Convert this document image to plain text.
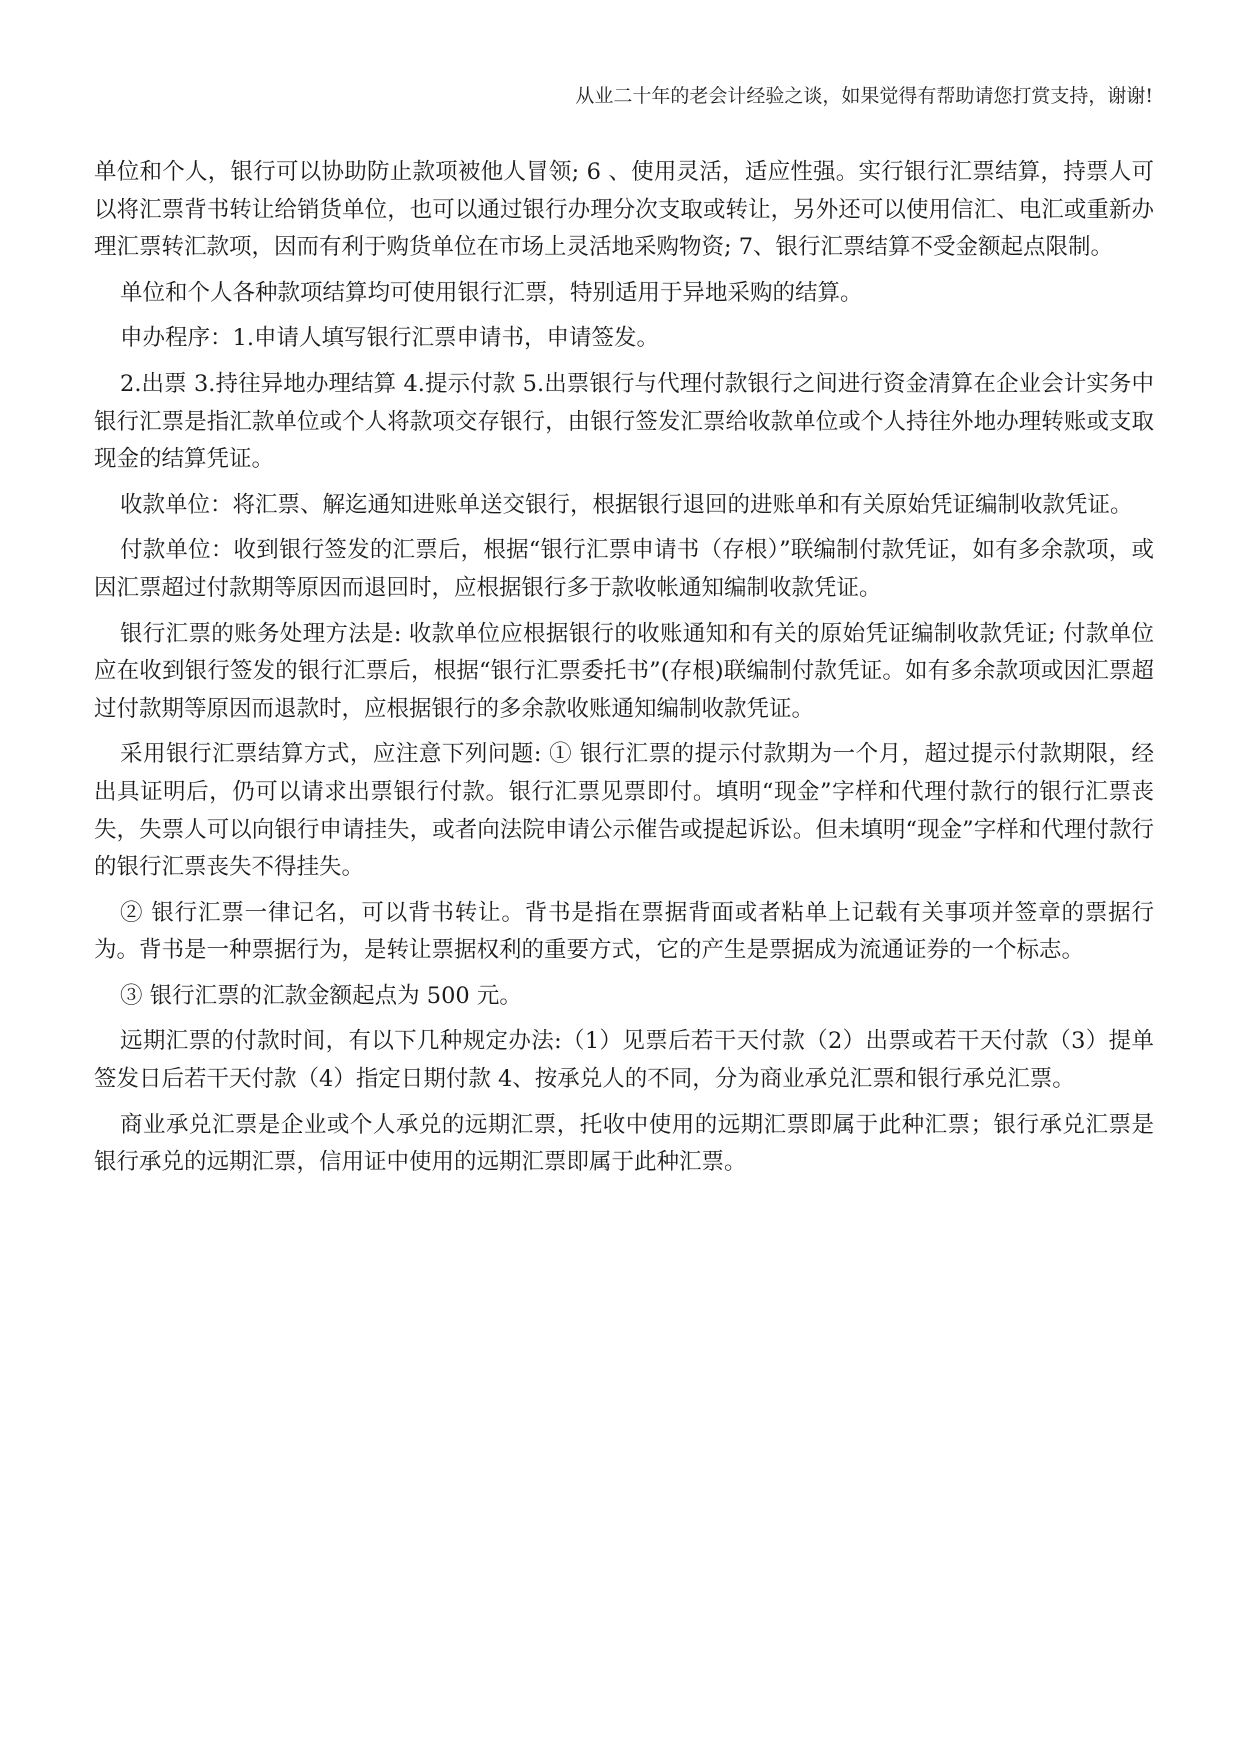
从业二十年的老会计经验之谈，如果觉得有帮助请您打赏支持，谢谢!

单位和个人，银行可以协助防止款项被他人冒领; 6 、使用灵活，适应性强。实行银行汇票结算，持票人可以将汇票背书转让给销货单位，也可以通过银行办理分次支取或转让，另外还可以使用信汇、电汇或重新办理汇票转汇款项，因而有利于购货单位在市场上灵活地采购物资; 7、银行汇票结算不受金额起点限制。

单位和个人各种款项结算均可使用银行汇票，特别适用于异地采购的结算。

申办程序：1.申请人填写银行汇票申请书，申请签发。

2.出票 3.持往异地办理结算 4.提示付款 5.出票银行与代理付款银行之间进行资金清算在企业会计实务中银行汇票是指汇款单位或个人将款项交存银行，由银行签发汇票给收款单位或个人持往外地办理转账或支取现金的结算凭证。

收款单位：将汇票、解迄通知进账单送交银行，根据银行退回的进账单和有关原始凭证编制收款凭证。

付款单位：收到银行签发的汇票后，根据“银行汇票申请书（存根）”联编制付款凭证，如有多余款项，或因汇票超过付款期等原因而退回时，应根据银行多于款收帐通知编制收款凭证。

银行汇票的账务处理方法是: 收款单位应根据银行的收账通知和有关的原始凭证编制收款凭证; 付款单位应在收到银行签发的银行汇票后，根据“银行汇票委托书”(存根)联编制付款凭证。如有多余款项或因汇票超过付款期等原因而退款时，应根据银行的多余款收账通知编制收款凭证。

采用银行汇票结算方式，应注意下列问题: ① 银行汇票的提示付款期为一个月，超过提示付款期限，经出具证明后，仍可以请求出票银行付款。银行汇票见票即付。填明“现金”字样和代理付款行的银行汇票丧失，失票人可以向银行申请挂失，或者向法院申请公示催告或提起诉讼。但未填明“现金”字样和代理付款行的银行汇票丧失不得挂失。

② 银行汇票一律记名，可以背书转让。背书是指在票据背面或者粘单上记载有关事项并签章的票据行为。背书是一种票据行为，是转让票据权利的重要方式，它的产生是票据成为流通证券的一个标志。

③ 银行汇票的汇款金额起点为 500 元。

远期汇票的付款时间，有以下几种规定办法:（1）见票后若干天付款（2）出票或若干天付款（3）提单签发日后若干天付款（4）指定日期付款 4、按承兑人的不同，分为商业承兑汇票和银行承兑汇票。

商业承兑汇票是企业或个人承兑的远期汇票，托收中使用的远期汇票即属于此种汇票；银行承兑汇票是银行承兑的远期汇票，信用证中使用的远期汇票即属于此种汇票。
